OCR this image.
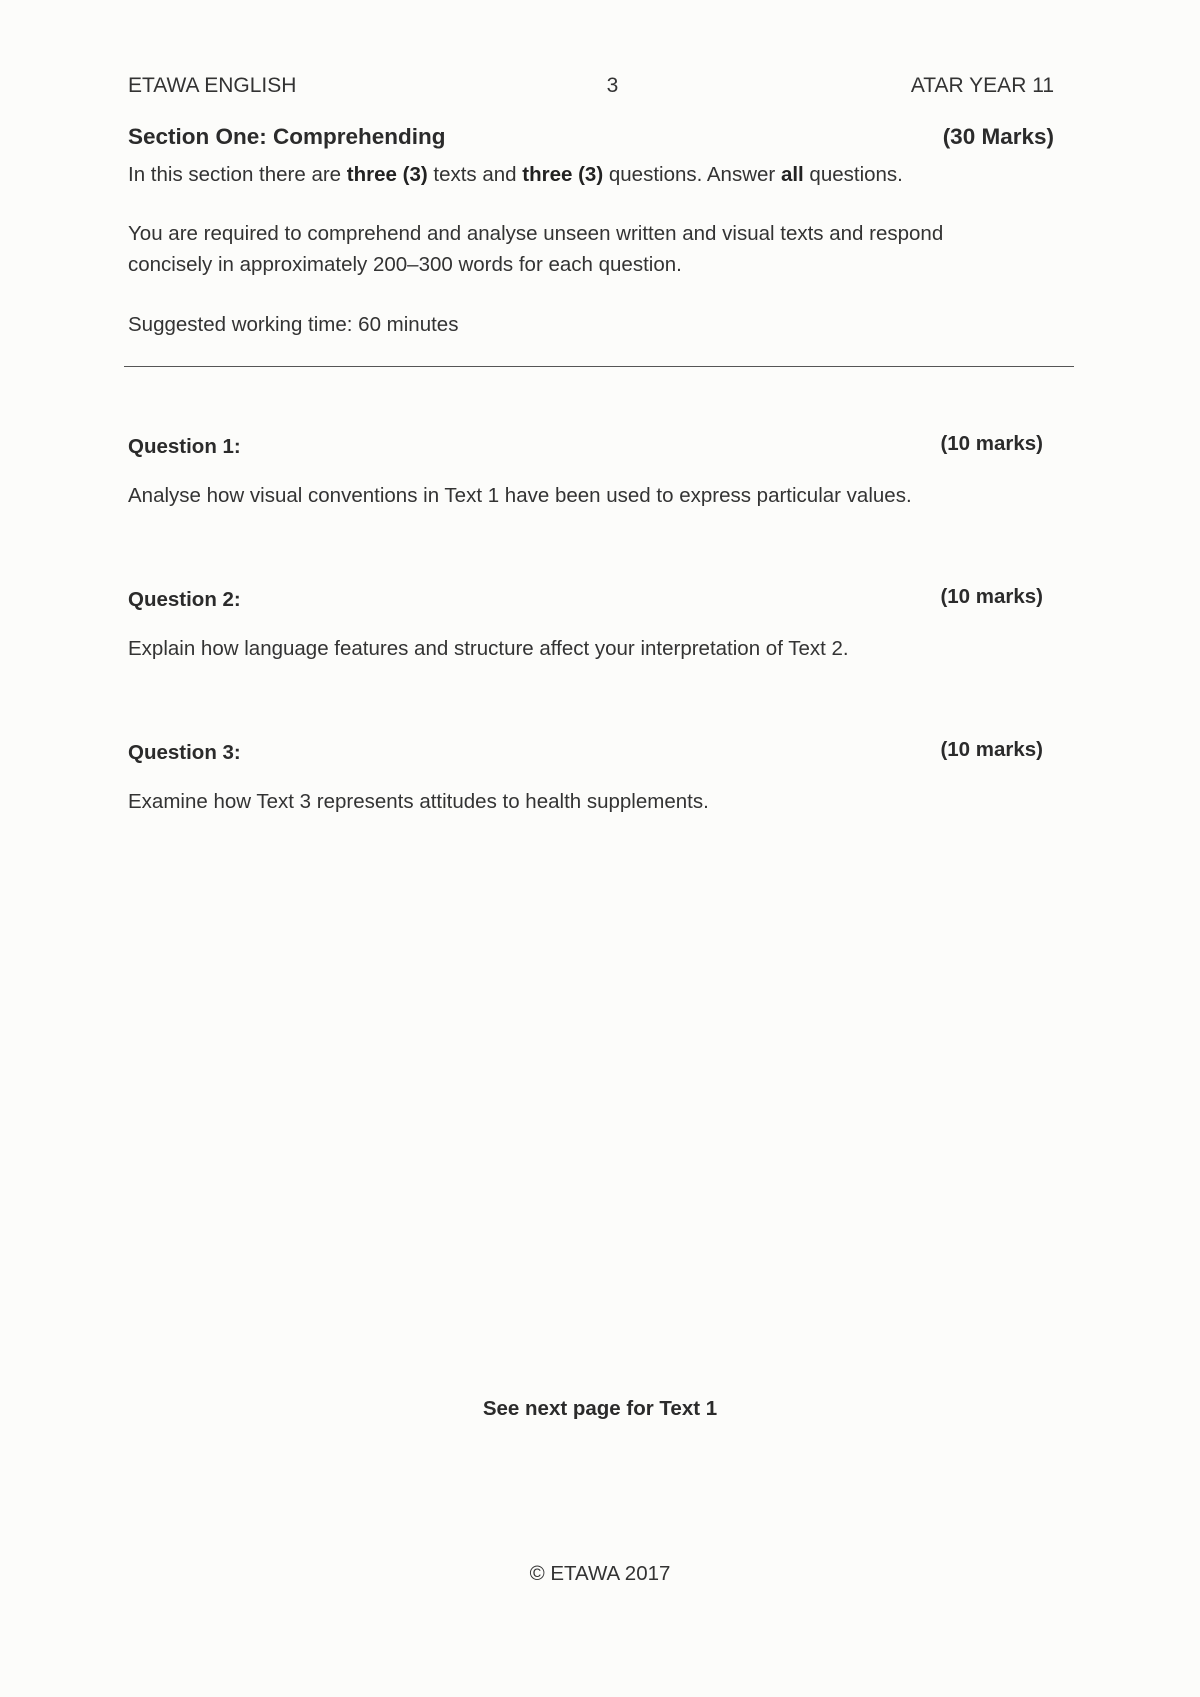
ETAWA ENGLISH	3	ATAR YEAR 11
Section One: Comprehending	(30 Marks)
In this section there are three (3) texts and three (3) questions. Answer all questions.
You are required to comprehend and analyse unseen written and visual texts and respond concisely in approximately 200–300 words for each question.
Suggested working time: 60 minutes
Question 1:	(10 marks)
Analyse how visual conventions in Text 1 have been used to express particular values.
Question 2:	(10 marks)
Explain how language features and structure affect your interpretation of Text 2.
Question 3:	(10 marks)
Examine how Text 3 represents attitudes to health supplements.
See next page for Text 1
© ETAWA 2017
